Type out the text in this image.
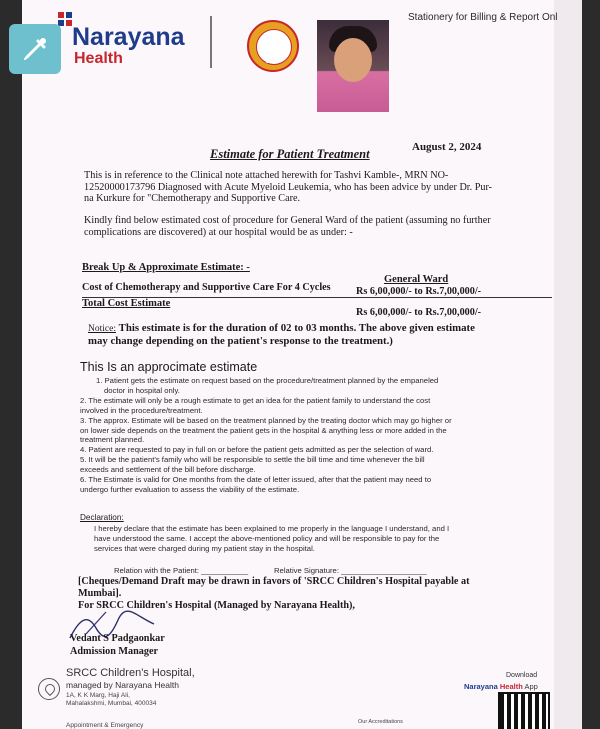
Narayana
Health	SRCC
Stationery for Billing & Report Onl
August 2, 2024
Estimate for Patient Treatment
This is in reference to the Clinical note attached herewith for Tashvi Kamble-, MRN NO-
12520000173796 Diagnosed with Acute Myeloid Leukemia, who has been advice by under Dr. Pur-
na Kurkure for "Chemotherapy and Supportive Care.
Kindly find below estimated cost of procedure for General Ward of the patient (assuming no further
complications are discovered) at our hospital would be as under: -
Break Up & Approximate Estimate: -
General Ward
Cost of Chemotherapy and Supportive Care For 4 Cycles Rs 6,00,000/- to Rs.7,00,000/-
Total Cost Estimate
Rs 6,00,000/- to Rs.7,00,000/-
Notice: This estimate is for the duration of 02 to 03 months. The above given estimate
may change depending on the patient's response to the treatment.)
This Is an approcimate estimate
1. Patient gets the estimate on request based on the procedure/treatment planned by the empaneled
doctor in hospital only.
2. The estimate will only be a rough estimate to get an idea for the patient family to understand the cost
involved in the procedure/treatment.
3. The approx. Estimate will be based on the treatment planned by the treating doctor which may go higher or
on lower side depends on the treatment the patient gets in the hospital & anything less or more added in the
treatment planned.
4. Patient are requested to pay in full on or before the patient gets admitted as per the selection of ward.
5. It will be the patient's family who will be responsible to settle the bill time and time whenever the bill
exceeds and settlement of the bill before discharge.
6. The Estimate is valid for One months from the date of letter issued, after that the patient may need to
undergo further evaluation to assess the viability of the estimate.
Declaration:
I hereby declare that the estimate has been explained to me properly in the language I understand, and I
have understood the same. I accept the above-mentioned policy and will be responsible to pay for the
services that were charged during my patient stay in the hospital.
Relation with the Patient: ___________	Relative Signature: ____________________
[Cheques/Demand Draft may be drawn in favors of 'SRCC Children's Hospital payable at
Mumbai].
For SRCC Children's Hospital (Managed by Narayana Health),
Vedant S Padgaonkar
Admission Manager
SRCC Children's Hospital,
managed by Narayana Health
1A, K K Marg, Haji Ali,
Mahalakshmi, Mumbai, 400034
Appointment & Emergency	Our Accreditations
Download
Narayana Health App
